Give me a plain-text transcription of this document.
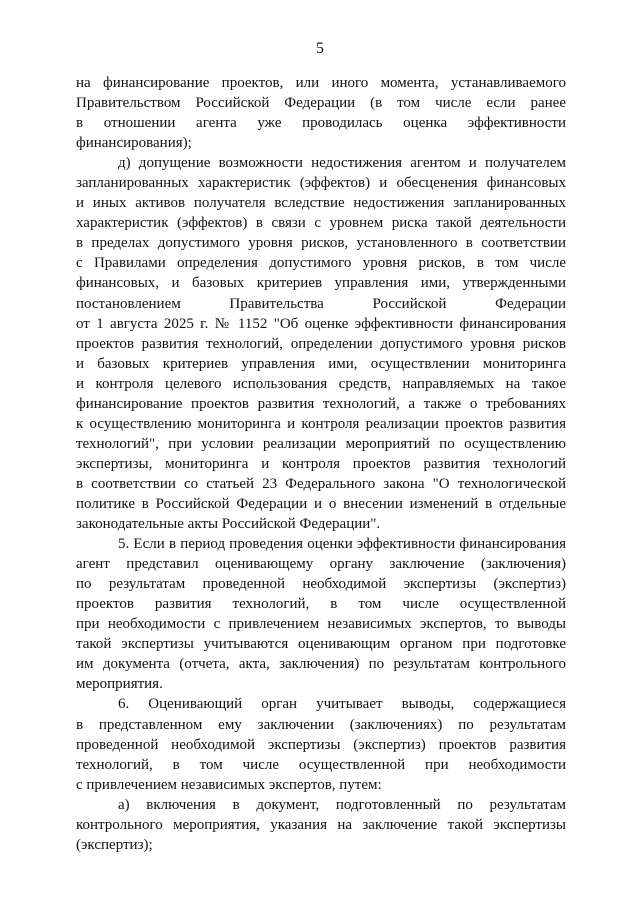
5
на финансирование проектов, или иного момента, устанавливаемого
Правительством Российской Федерации (в том числе если ранее
в отношении агента уже проводилась оценка эффективности
финансирования);
д) допущение возможности недостижения агентом и получателем
запланированных характеристик (эффектов) и обесценения финансовых
и иных активов получателя вследствие недостижения запланированных
характеристик (эффектов) в связи с уровнем риска такой деятельности
в пределах допустимого уровня рисков, установленного в соответствии
с Правилами определения допустимого уровня рисков, в том числе
финансовых, и базовых критериев управления ими, утвержденными
постановлением Правительства Российской Федерации
от 1 августа 2025 г. № 1152 "Об оценке эффективности финансирования
проектов развития технологий, определении допустимого уровня рисков
и базовых критериев управления ими, осуществлении мониторинга
и контроля целевого использования средств, направляемых на такое
финансирование проектов развития технологий, а также о требованиях
к осуществлению мониторинга и контроля реализации проектов развития
технологий", при условии реализации мероприятий по осуществлению
экспертизы, мониторинга и контроля проектов развития технологий
в соответствии со статьей 23 Федерального закона "О технологической
политике в Российской Федерации и о внесении изменений в отдельные
законодательные акты Российской Федерации".
5. Если в период проведения оценки эффективности финансирования
агент представил оценивающему органу заключение (заключения)
по результатам проведенной необходимой экспертизы (экспертиз)
проектов развития технологий, в том числе осуществленной
при необходимости с привлечением независимых экспертов, то выводы
такой экспертизы учитываются оценивающим органом при подготовке
им документа (отчета, акта, заключения) по результатам контрольного
мероприятия.
6. Оценивающий орган учитывает выводы, содержащиеся
в представленном ему заключении (заключениях) по результатам
проведенной необходимой экспертизы (экспертиз) проектов развития
технологий, в том числе осуществленной при необходимости
с привлечением независимых экспертов, путем:
а) включения в документ, подготовленный по результатам
контрольного мероприятия, указания на заключение такой экспертизы
(экспертиз);
